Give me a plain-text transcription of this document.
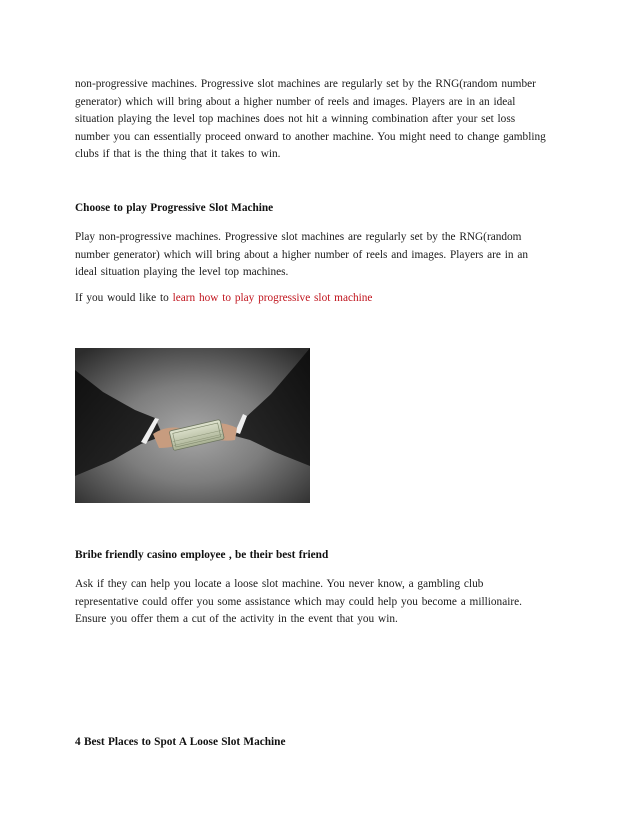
non-progressive machines. Progressive slot machines are regularly set by the RNG(random number
generator) which will bring about a higher number of reels and images. Players are in an ideal
situation playing the level top machines does not hit a winning combination after your set loss
number you can essentially proceed onward to another machine. You might need to change gambling
clubs if that is the thing that it takes to win.

Choose to play Progressive Slot Machine

Play non-progressive machines. Progressive slot machines are regularly set by the RNG(random
number generator) which will bring about a higher number of reels and images. Players are in an
ideal situation playing the level top machines.

If you would like to learn how to play progressive slot machine

Bribe friendly casino employee , be their best friend

Ask if they can help you locate a loose slot machine. You never know, a gambling club
representative could offer you some assistance which may could help you become a millionaire.
Ensure you offer them a cut of the activity in the event that you win.

4 Best Places to Spot A Loose Slot Machine
